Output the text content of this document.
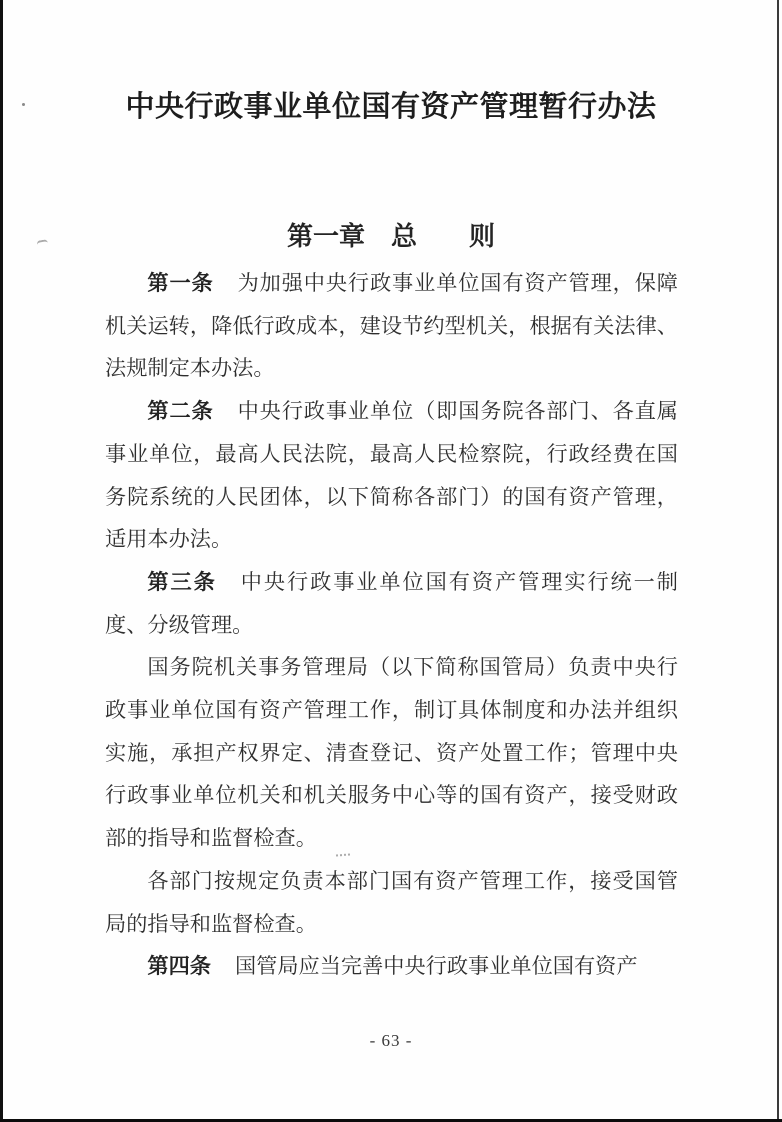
中央行政事业单位国有资产管理暂行办法
第一章　总　　则
第一条 为加强中央行政事业单位国有资产管理，保障
机关运转，降低行政成本，建设节约型机关，根据有关法律、
法规制定本办法。
第二条 中央行政事业单位（即国务院各部门、各直属
事业单位，最高人民法院，最高人民检察院，行政经费在国
务院系统的人民团体，以下简称各部门）的国有资产管理，
适用本办法。
第三条 中央行政事业单位国有资产管理实行统一制
度、分级管理。
国务院机关事务管理局（以下简称国管局）负责中央行
政事业单位国有资产管理工作，制订具体制度和办法并组织
实施，承担产权界定、清查登记、资产处置工作；管理中央
行政事业单位机关和机关服务中心等的国有资产，接受财政
部的指导和监督检查。
各部门按规定负责本部门国有资产管理工作，接受国管
局的指导和监督检查。
第四条 国管局应当完善中央行政事业单位国有资产
- 63 -
